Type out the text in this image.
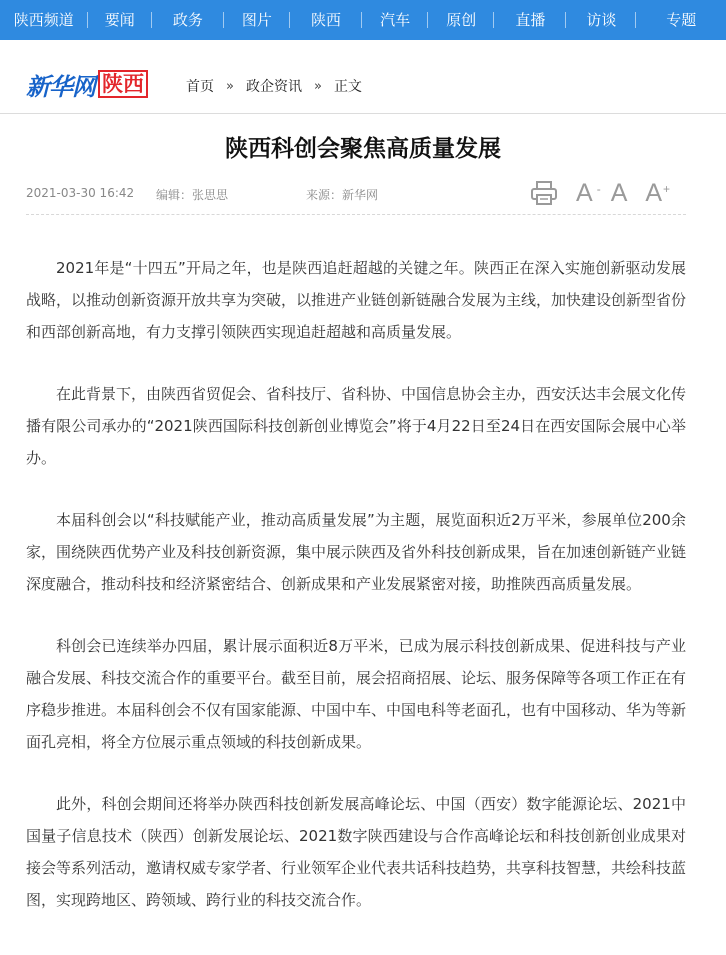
陕西频道	要闻	政务	图片	陕西	汽车	原创	直播	访谈	专题
新华网 陕西	首页 » 政企资讯 » 正文
陕西科创会聚焦高质量发展
2021-03-30 16:42 编辑：张思思	来源：新华网	A - A A +

2021年是“十四五”开局之年，也是陕西追赶超越的关键之年。陕西正在深入实施创新驱动发展战略，以推动创新资源开放共享为突破，以推进产业链创新链融合发展为主线，加快建设创新型省份和西部创新高地，有力支撑引领陕西实现追赶超越和高质量发展。

在此背景下，由陕西省贸促会、省科技厅、省科协、中国信息协会主办，西安沃达丰会展文化传播有限公司承办的“2021陕西国际科技创新创业博览会”将于4月22日至24日在西安国际会展中心举办。

本届科创会以“科技赋能产业，推动高质量发展”为主题，展览面积近2万平米，参展单位200余家，围绕陕西优势产业及科技创新资源，集中展示陕西及省外科技创新成果，旨在加速创新链产业链深度融合，推动科技和经济紧密结合、创新成果和产业发展紧密对接，助推陕西高质量发展。

科创会已连续举办四届，累计展示面积近8万平米，已成为展示科技创新成果、促进科技与产业融合发展、科技交流合作的重要平台。截至目前，展会招商招展、论坛、服务保障等各项工作正在有序稳步推进。本届科创会不仅有国家能源、中国中车、中国电科等老面孔，也有中国移动、华为等新面孔亮相，将全方位展示重点领域的科技创新成果。

此外，科创会期间还将举办陕西科技创新发展高峰论坛、中国（西安）数字能源论坛、2021中国量子信息技术（陕西）创新发展论坛、2021数字陕西建设与合作高峰论坛和科技创新创业成果对接会等系列活动，邀请权威专家学者、行业领军企业代表共话科技趋势，共享科技智慧，共绘科技蓝图，实现跨地区、跨领域、跨行业的科技交流合作。
